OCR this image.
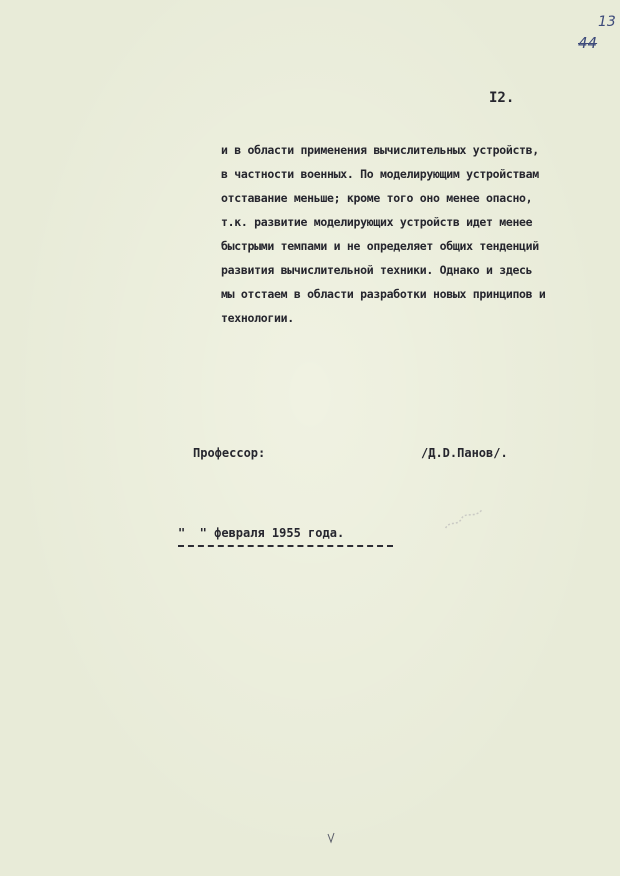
13
44
I2.
и в области применения вычислительных устройств,
в частности военных. По моделирующим устройствам
отставание меньше; кроме того оно менее опасно,
т.к. развитие моделирующих устройств идет менее
быстрыми темпами и не определяет общих тенденций
развития вычислительной техники. Однако и здесь
мы отстаем в области разработки новых принципов и
технологии.
Профессор:	/Д.D.Панов/.
"  " февраля 1955 года.
